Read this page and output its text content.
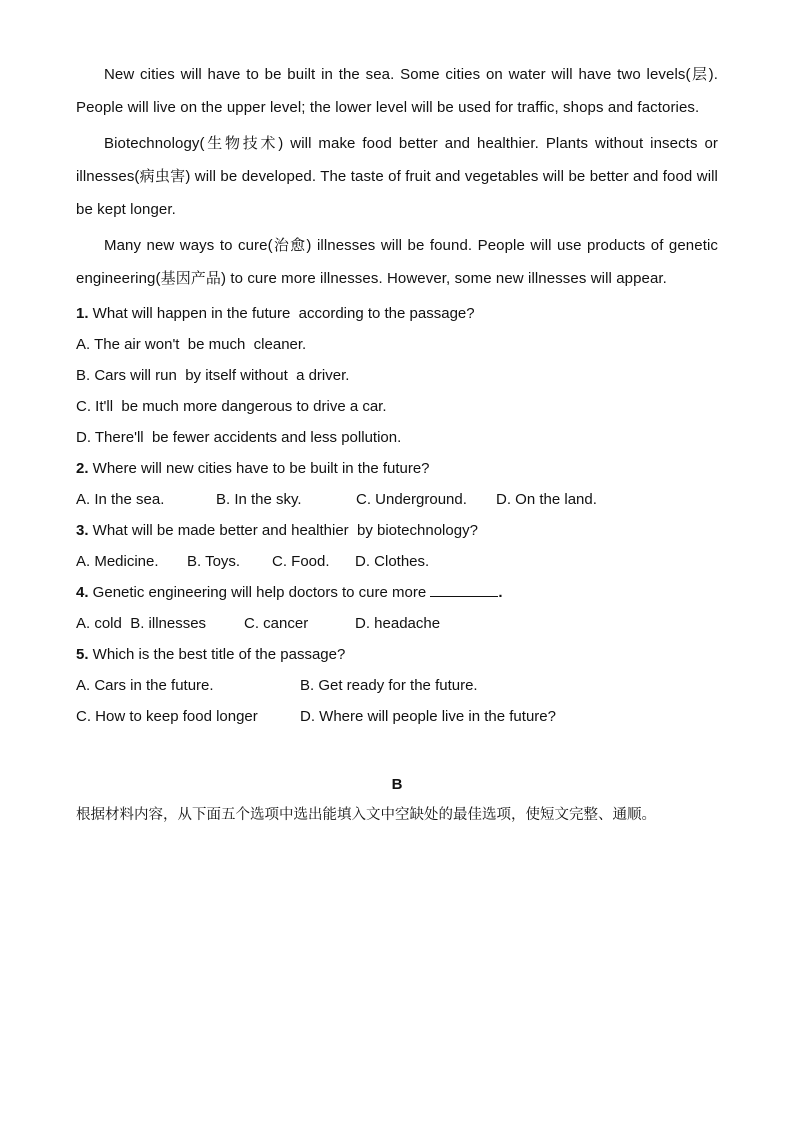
New cities will have to be built in the sea. Some cities on water will have two levels(层). People will live on the upper level; the lower level will be used for traffic, shops and factories.

Biotechnology(生物技术) will make food better and healthier. Plants without insects or illnesses(病虫害) will be developed. The taste of fruit and vegetables will be better and food will be kept longer.

Many new ways to cure(治愈) illnesses will be found. People will use products of genetic engineering(基因产品) to cure more illnesses. However, some new illnesses will appear.

1. What will happen in the future  according to the passage?
A. The air won't  be much  cleaner.
B. Cars will run  by itself without  a driver.
C. It'll  be much more dangerous to drive a car.
D. There'll  be fewer accidents and less pollution.
2. Where will new cities have to be built in the future?
A. In the sea.	B. In the sky.	C. Underground.	D. On the land.
3. What will be made better and healthier  by biotechnology?
A. Medicine.	B. Toys.	C. Food.	D. Clothes.
4. Genetic engineering will help doctors to cure more	.
A. cold  B. illnesses	C. cancer	D. headache
5. Which is the best title of the passage?
A. Cars in the future.	B. Get ready for the future.
C. How to keep food longer	D. Where will people live in the future?
B
根据材料内容，从下面五个选项中选出能填入文中空缺处的最佳选项，使短文完整、通顺。
